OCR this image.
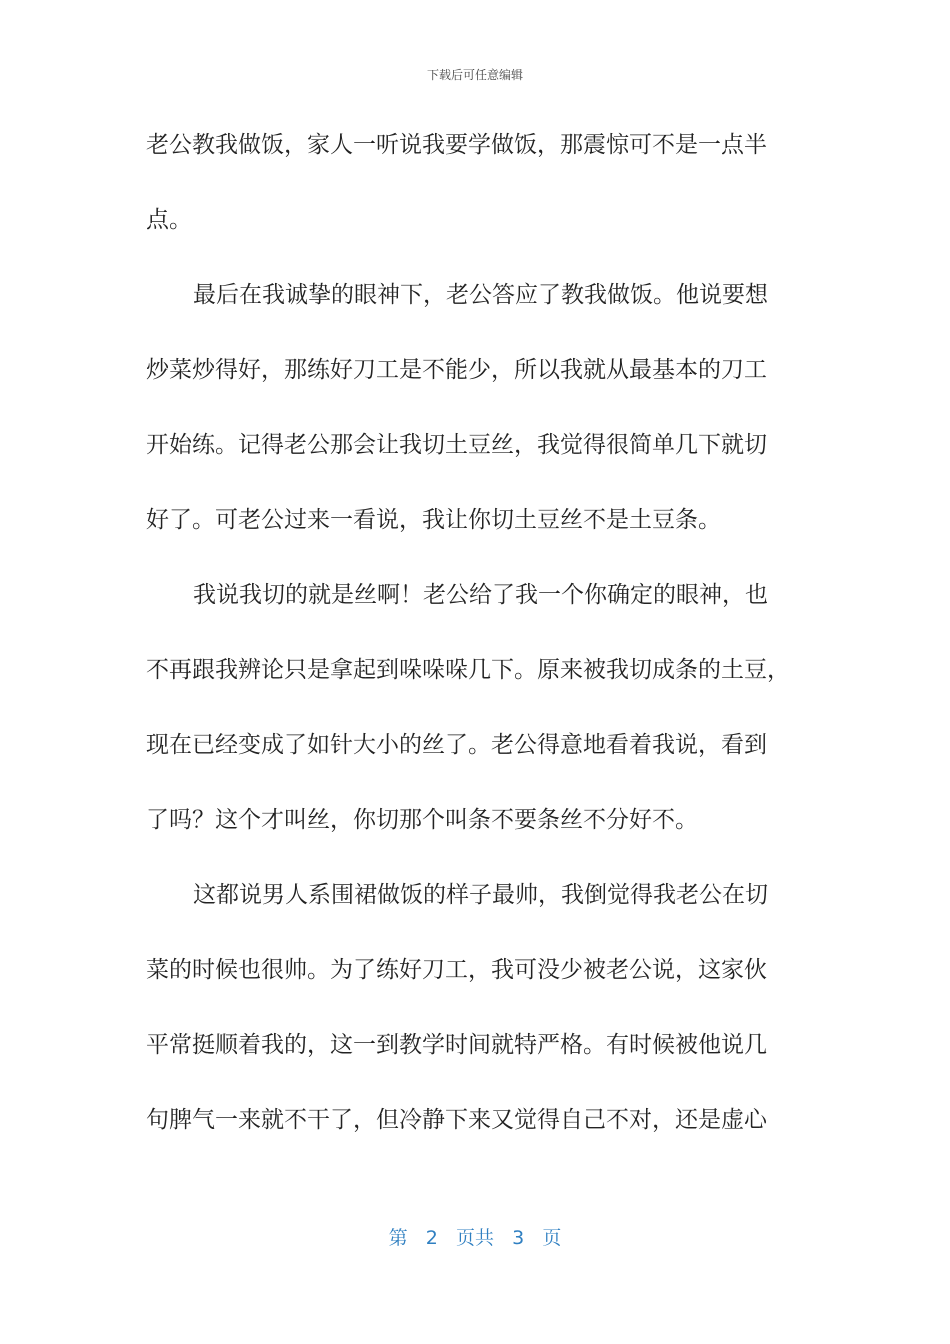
下载后可任意编辑
老公教我做饭，家人一听说我要学做饭，那震惊可不是一点半
点。
最后在我诚挚的眼神下，老公答应了教我做饭。他说要想
炒菜炒得好，那练好刀工是不能少，所以我就从最基本的刀工
开始练。记得老公那会让我切土豆丝，我觉得很简单几下就切
好了。可老公过来一看说，我让你切土豆丝不是土豆条。
我说我切的就是丝啊！老公给了我一个你确定的眼神，也
不再跟我辨论只是拿起到哚哚哚几下。原来被我切成条的土豆，
现在已经变成了如针大小的丝了。老公得意地看着我说，看到
了吗？这个才叫丝，你切那个叫条不要条丝不分好不。
这都说男人系围裙做饭的样子最帅，我倒觉得我老公在切
菜的时候也很帅。为了练好刀工，我可没少被老公说，这家伙
平常挺顺着我的，这一到教学时间就特严格。有时候被他说几
句脾气一来就不干了，但冷静下来又觉得自己不对，还是虚心
第 2 页共 3 页
